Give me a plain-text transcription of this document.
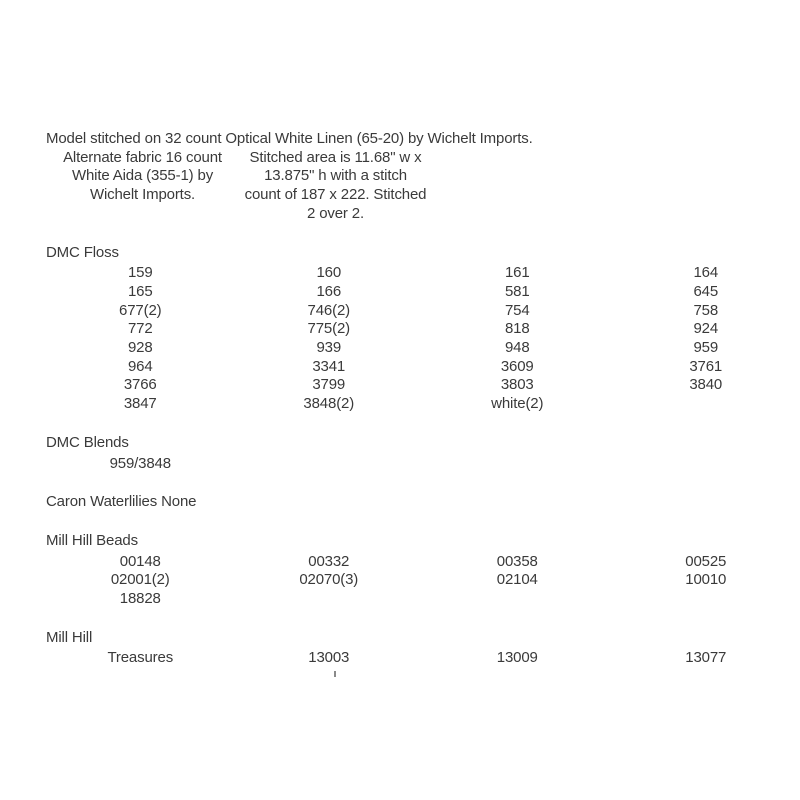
Model stitched on 32 count Optical White Linen (65-20) by Wichelt Imports.
Alternate fabric 16 count
White Aida (355-1) by
Wichelt Imports.
Stitched area is 11.68" w x
13.875" h with a stitch
count of 187 x 222. Stitched
2 over 2.
DMC Floss
159	160	161	164
165	166	581	645
677(2)	746(2)	754	758
772	775(2)	818	924
928	939	948	959
964	3341	3609	3761
3766	3799	3803	3840
3847	3848(2)	white(2)
DMC Blends
959/3848
Caron Waterlilies None
Mill Hill Beads
00148	00332	00358	00525
02001(2)	02070(3)	02104	10010
18828
Mill Hill
Treasures	13003	13009	13077
